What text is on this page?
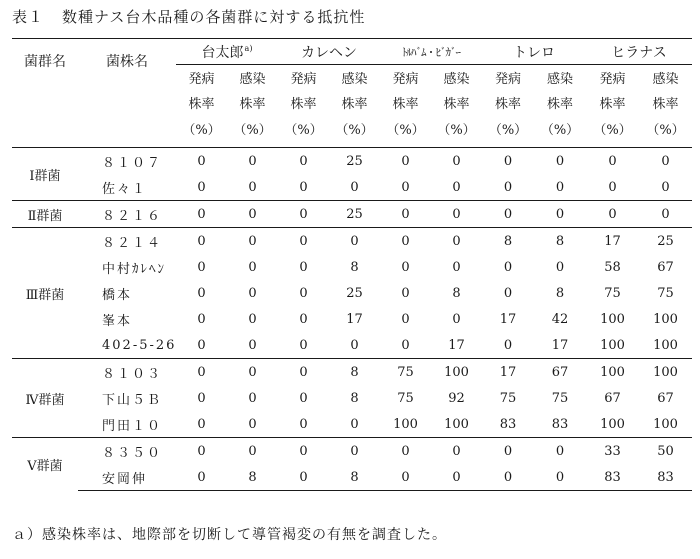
表１ 数種ナス台木品種の各菌群に対する抵抗性

菌群名	菌株名	台太郎$^{a)}$		カレヘン		ﾄﾙﾊﾞﾑ・ﾋﾞｶﾞｰ		トレロ		ヒラナス	
		発病	感染	発病	感染	発病	感染	発病	感染	発病	感染
		株率	株率	株率	株率	株率	株率	株率	株率	株率	株率
		（%）	（%）	（%）	（%）	（%）	（%）	（%）	（%）	（%）	（%）
Ⅰ群菌	８１０７	0	0	0	25	0	0	0	0	0	0
	佐々１	0	0	0	0	0	0	0	0	0	0
Ⅱ群菌	８２１６	0	0	0	25	0	0	0	0	0	0
Ⅲ群菌	８２１４	0	0	0	0	0	0	8	8	17	25
	中村ｶﾚﾍﾝ	0	0	0	8	0	0	0	0	58	67
	橋本	0	0	0	25	0	8	0	8	75	75
	峯本	0	0	0	17	0	0	17	42	100	100
	402-5-26	0	0	0	0	0	17	0	17	100	100
Ⅳ群菌	８１０３	0	0	0	8	75	100	17	67	100	100
	下山５Ｂ	0	0	0	8	75	92	75	75	67	67
	門田１０	0	0	0	0	100	100	83	83	100	100
Ⅴ群菌	８３５０	0	0	0	0	0	0	0	0	33	50
	安岡伸	0	8	0	8	0	0	0	0	83	83
ａ）感染株率は、地際部を切断して導管褐変の有無を調査した。
